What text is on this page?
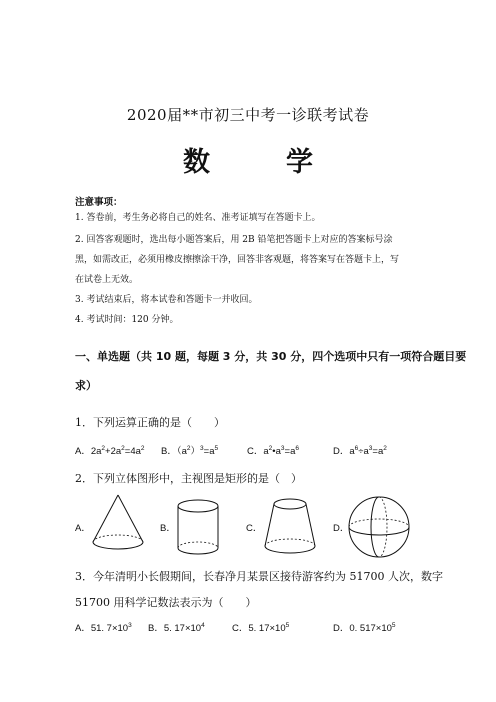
2020届**市初三中考一诊联考试卷
数	学
注意事项：
1. 答卷前，考生务必将自己的姓名、准考证填写在答题卡上。
2. 回答客观题时，选出每小题答案后，用 2B 铅笔把答题卡上对应的答案标号涂
黑，如需改正，必须用橡皮擦擦涂干净，回答非客观题，将答案写在答题卡上，写
在试卷上无效。
3. 考试结束后，将本试卷和答题卡一并收回。
4. 考试时间：120 分钟。
一、单选题（共 10 题，每题 3 分，共 30 分，四个选项中只有一项符合题目要
求）
1．下列运算正确的是（　　）
A．$2a^2+2a^2=4a^2$ B．$(a^2)^3=a^5$	C．$a^2•a^3=a^6$	D．$a^6\div a^3=a^2$
2．下列立体图形中，主视图是矩形的是（　）
A．	B．	C．	D．
3．今年清明小长假期间，长春净月某景区接待游客约为 51700 人次，数字
51700 用科学记数法表示为（　　）
A．51. $7\times 10^3$ B．5. $17\times 10^4$	C．5. $17\times 10^5$	D．0. $517\times 10^5$
